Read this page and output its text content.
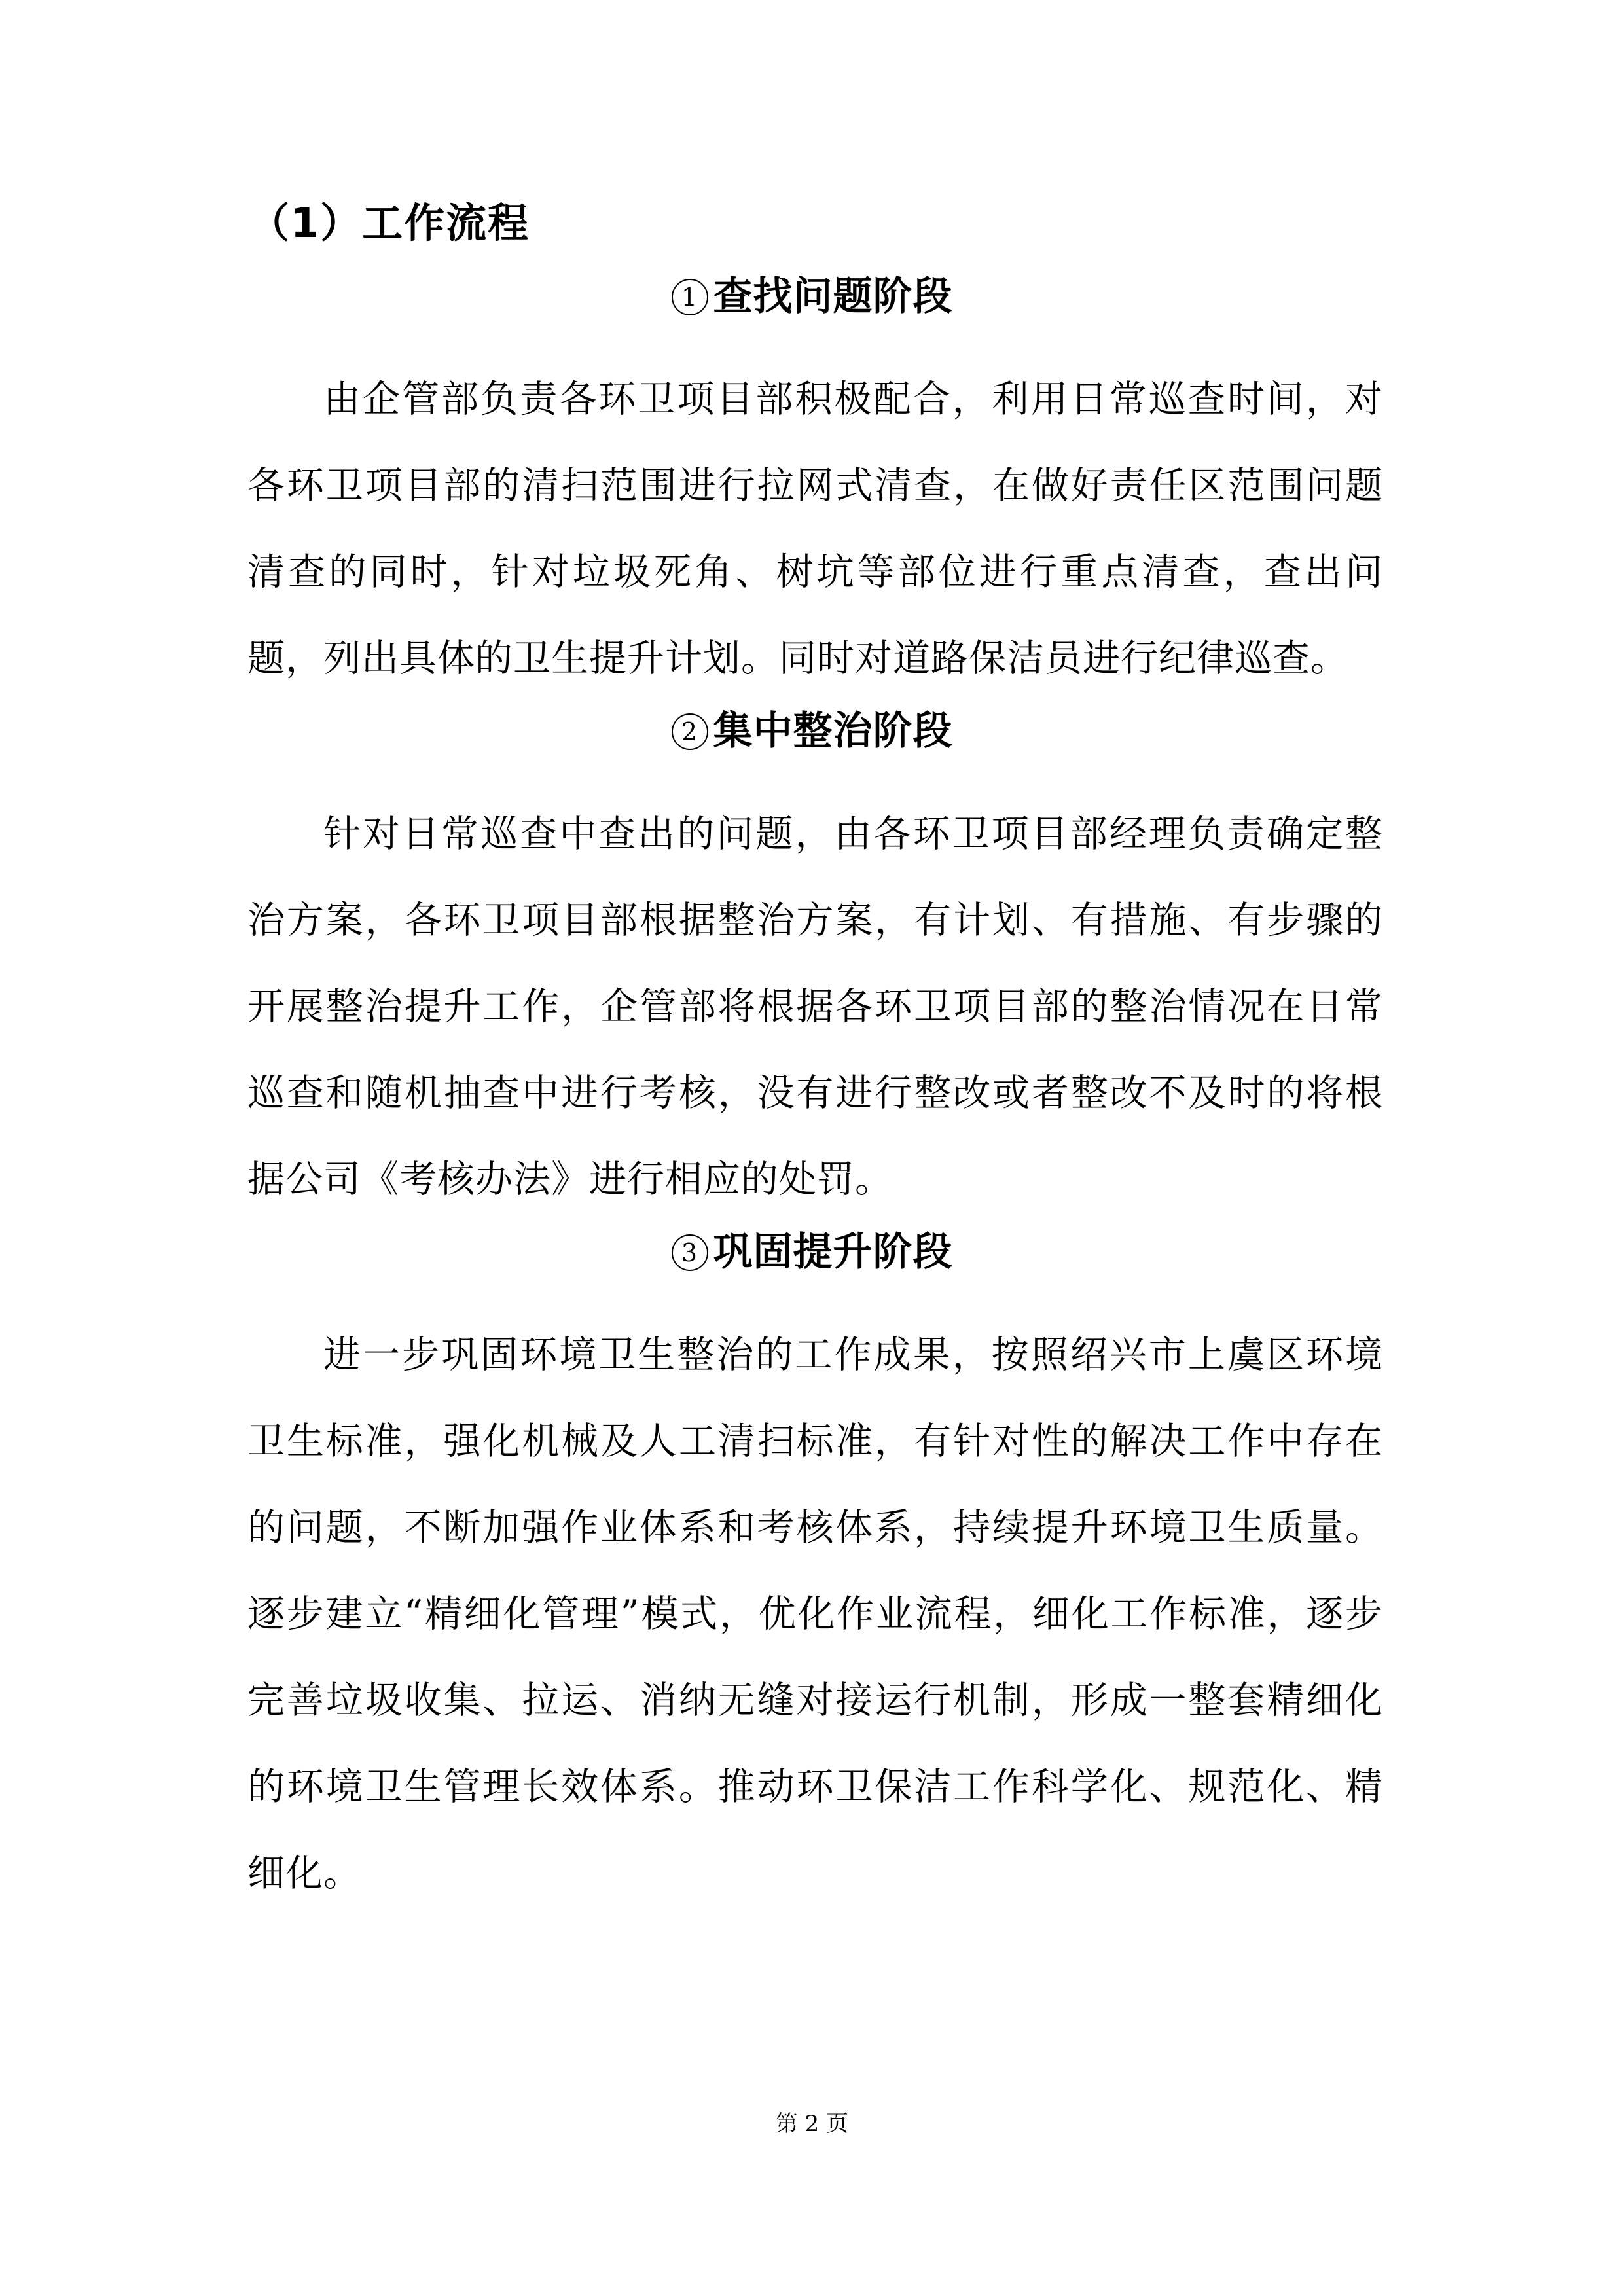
（1）工作流程
1 查找问题阶段

由企管部负责各环卫项目部积极配合，利用日常巡查时间，对各环卫项目部的清扫范围进行拉网式清查，在做好责任区范围问题清查的同时，针对垃圾死角、树坑等部位进行重点清查，查出问题，列出具体的卫生提升计划。同时对道路保洁员进行纪律巡查。

2 集中整治阶段

针对日常巡查中查出的问题，由各环卫项目部经理负责确定整治方案，各环卫项目部根据整治方案，有计划、有措施、有步骤的开展整治提升工作，企管部将根据各环卫项目部的整治情况在日常巡查和随机抽查中进行考核，没有进行整改或者整改不及时的将根据公司《考核办法》进行相应的处罚。

3 巩固提升阶段

进一步巩固环境卫生整治的工作成果，按照绍兴市上虞区环境卫生标准，强化机械及人工清扫标准，有针对性的解决工作中存在的问题，不断加强作业体系和考核体系，持续提升环境卫生质量。逐步建立“精细化管理”模式，优化作业流程，细化工作标准，逐步完善垃圾收集、拉运、消纳无缝对接运行机制，形成一整套精细化的环境卫生管理长效体系。推动环卫保洁工作科学化、规范化、精细化。

第 2 页
